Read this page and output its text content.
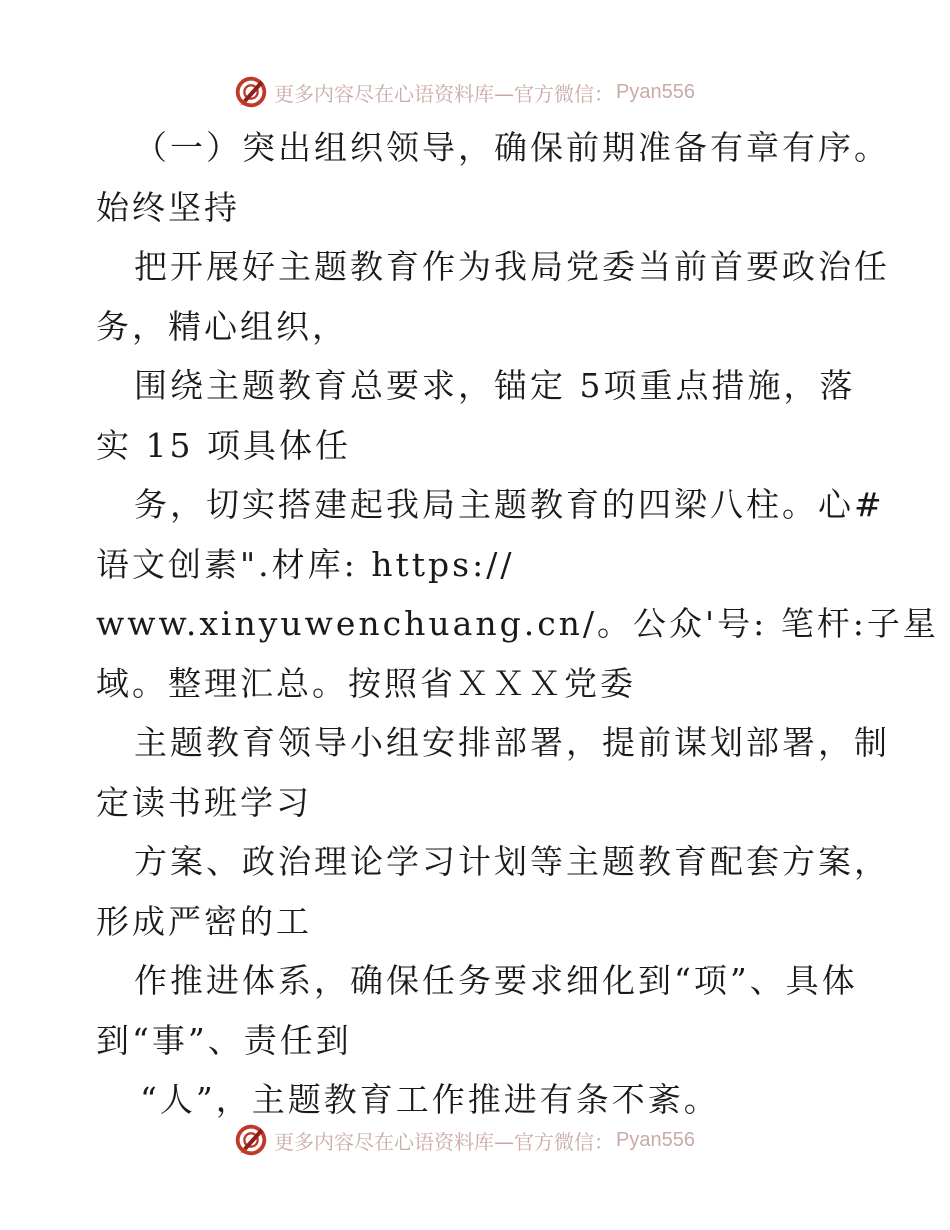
更多内容尽在心语资料库—官方微信： Pyan556
（一）突出组织领导，确保前期准备有章有序。
始终坚持
把开展好主题教育作为我局党委当前首要政治任
务，精心组织，
围绕主题教育总要求，锚定 5项重点措施，落
实 15 项具体任
务，切实搭建起我局主题教育的四梁八柱。心#
语文创素".材库: https://
www.xinyuwenchuang.cn/。公众'号: 笔杆:子星
域。整理汇总。按照省ＸＸＸ党委
主题教育领导小组安排部署，提前谋划部署，制
定读书班学习
方案、政治理论学习计划等主题教育配套方案，
形成严密的工
作推进体系，确保任务要求细化到“项”、具体
到“事”、责任到
“人”，主题教育工作推进有条不紊。
更多内容尽在心语资料库—官方微信： Pyan556
